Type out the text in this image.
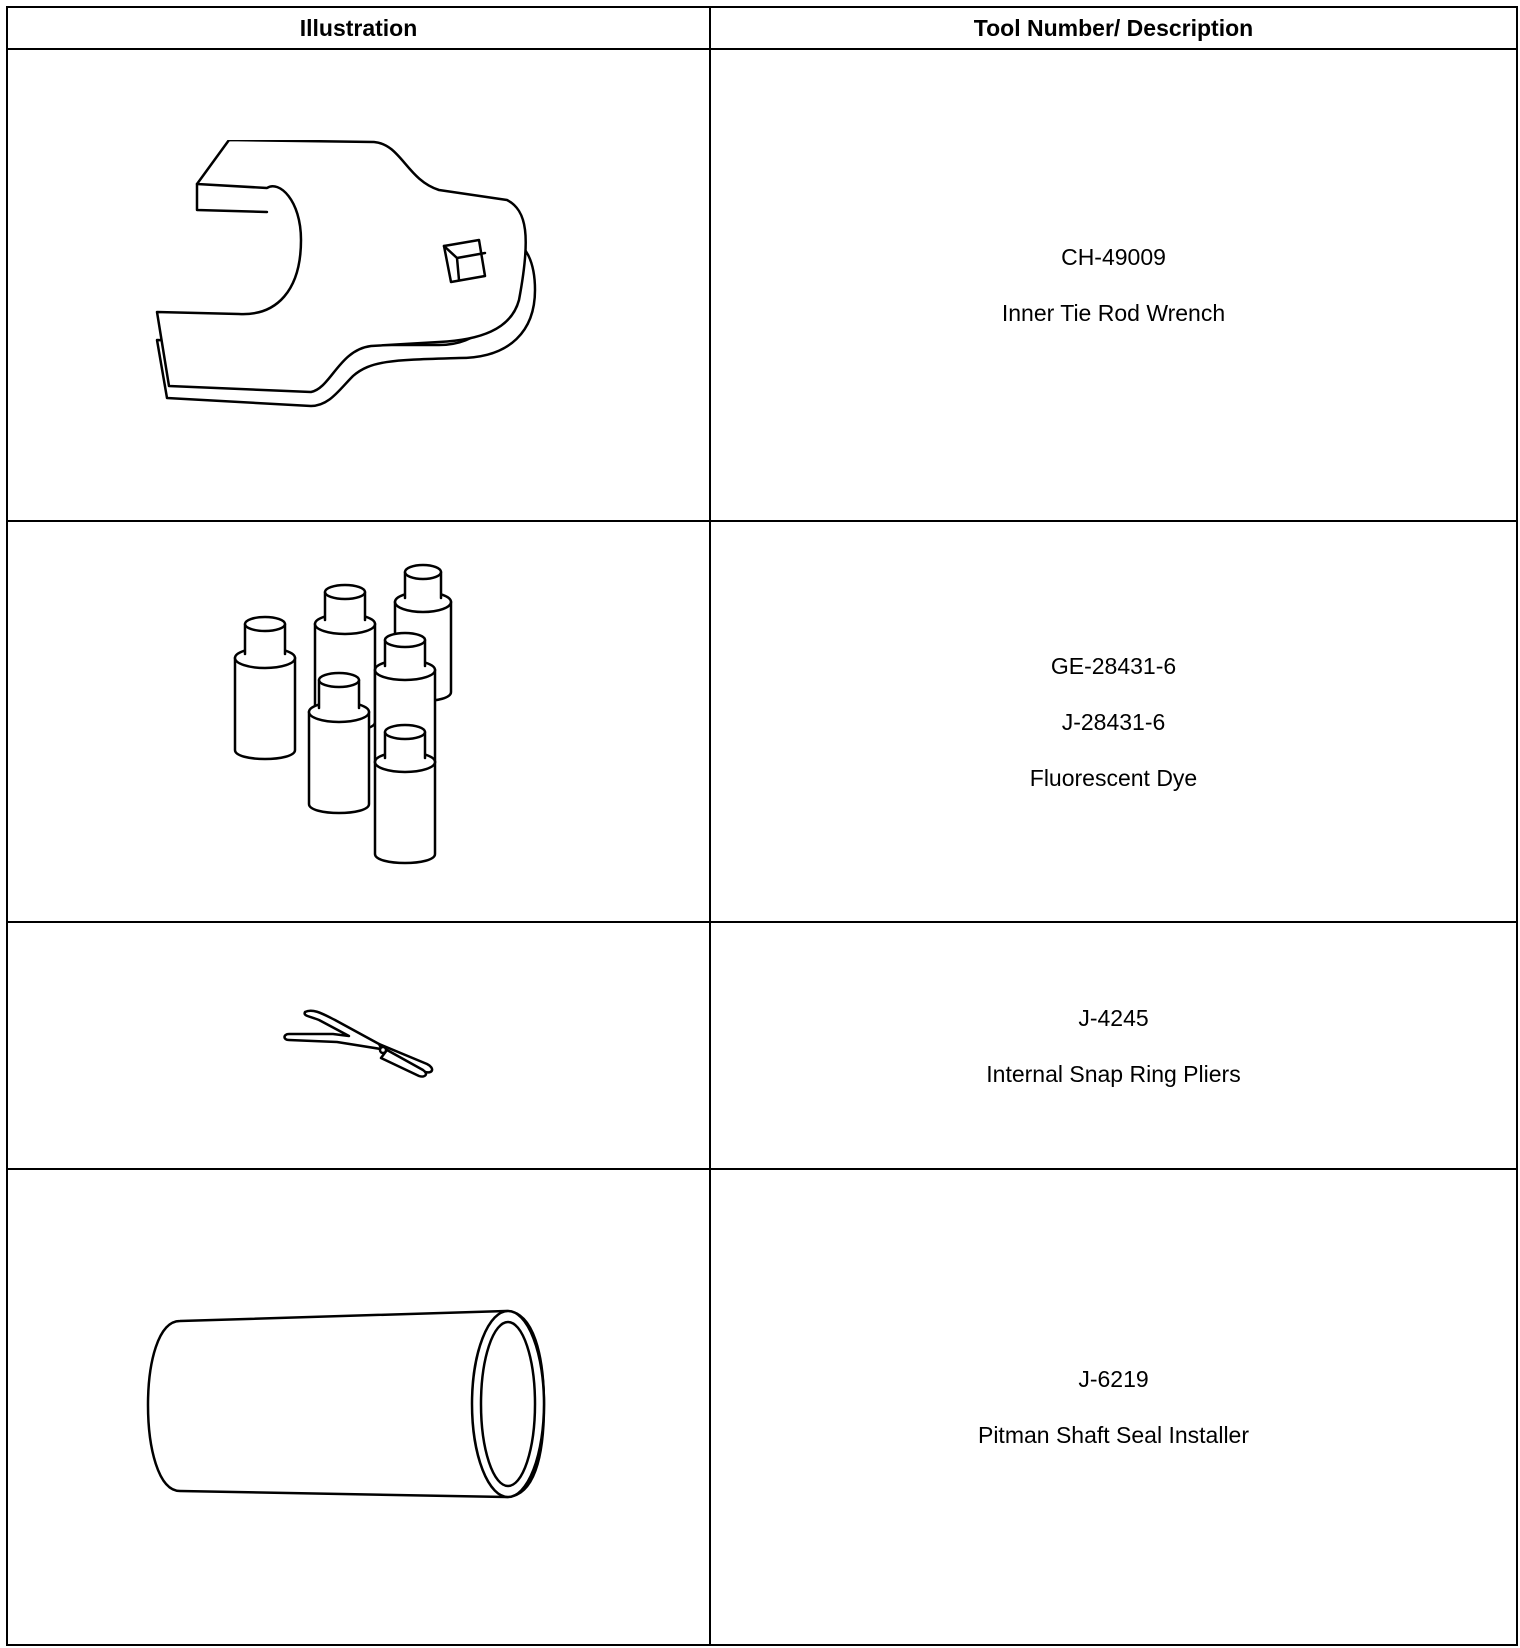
Illustration	Tool Number/ Description

CH-49009
Inner Tie Rod Wrench

GE-28431-6
J-28431-6
Fluorescent Dye

J-4245
Internal Snap Ring Pliers

J-6219
Pitman Shaft Seal Installer
